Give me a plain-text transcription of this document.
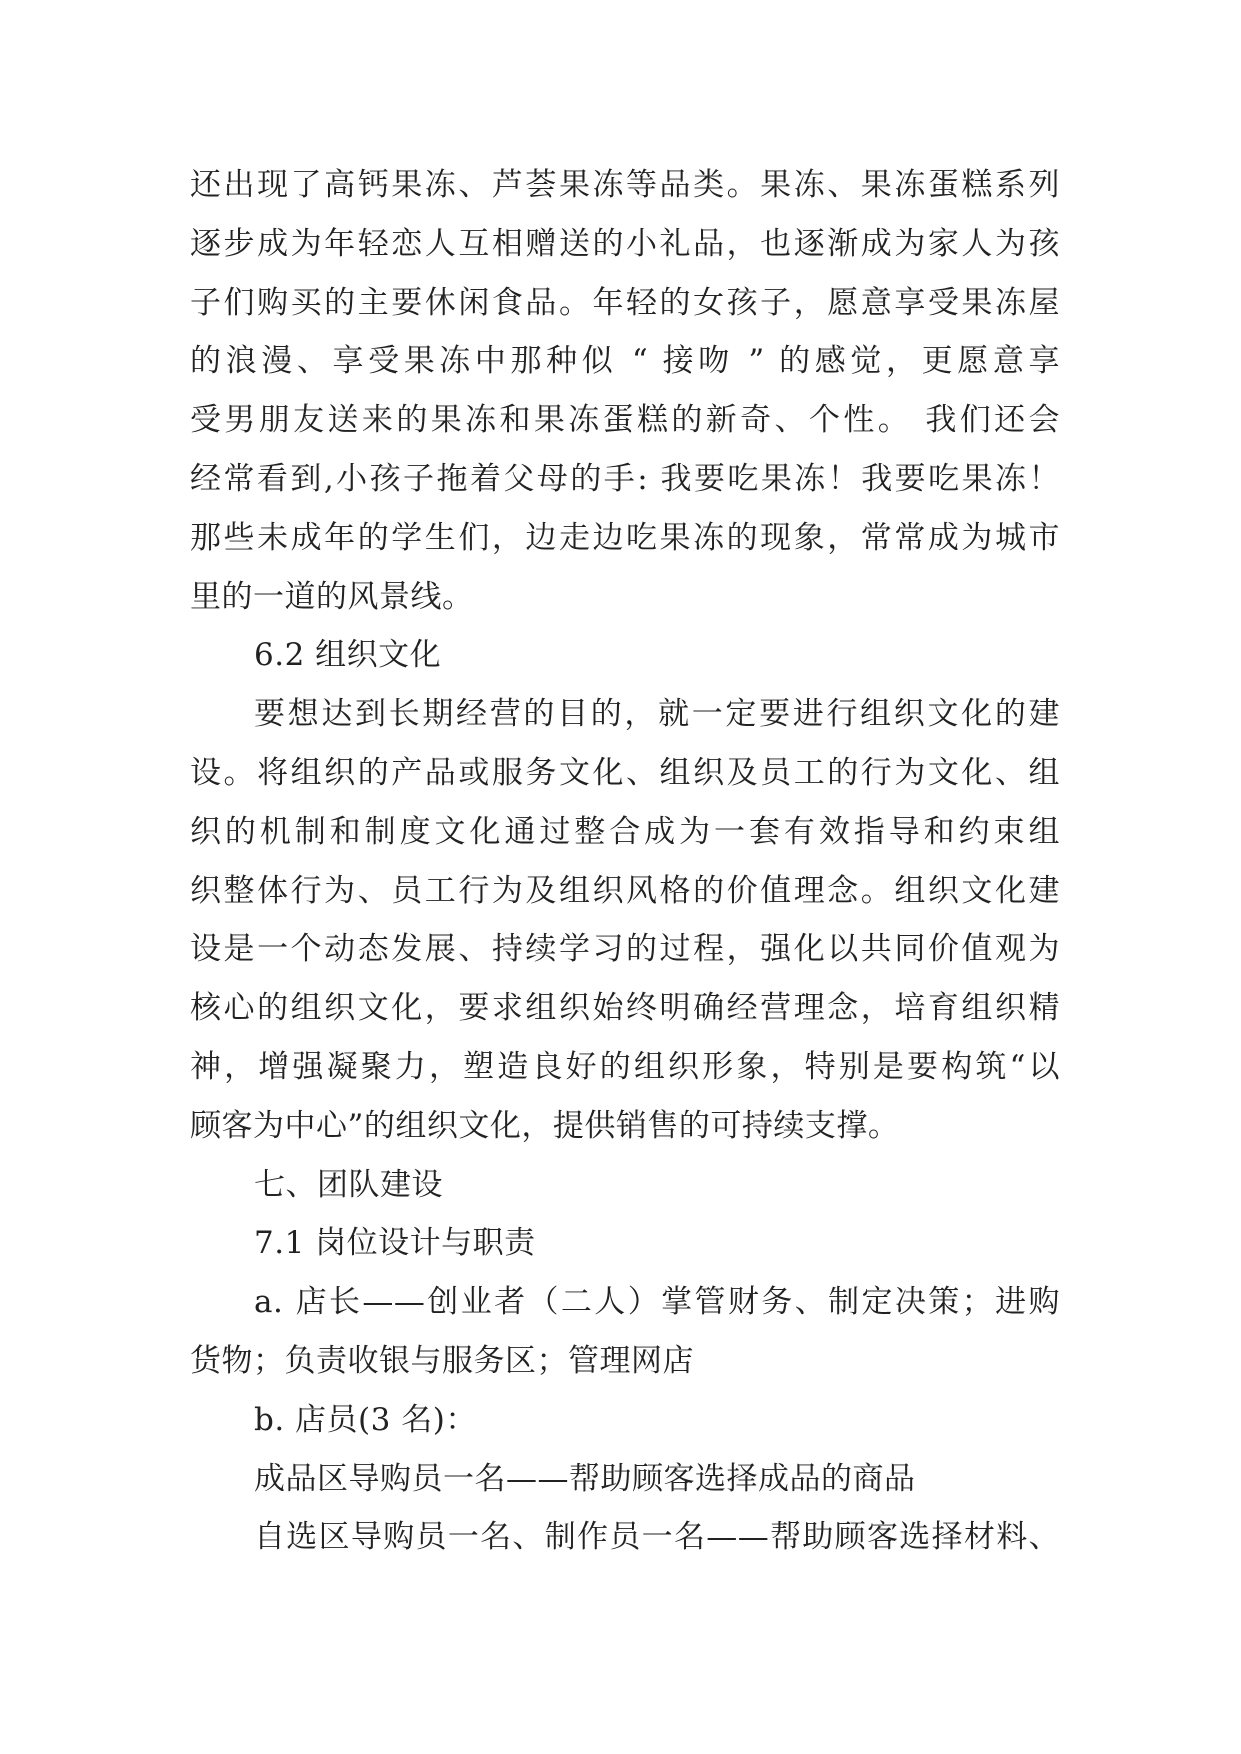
还出现了高钙果冻、芦荟果冻等品类。果冻、果冻蛋糕系列
逐步成为年轻恋人互相赠送的小礼品，也逐渐成为家人为孩
子们购买的主要休闲食品。年轻的女孩子，愿意享受果冻屋
的浪漫、享受果冻中那种似 “ 接吻 ” 的感觉，更愿意享
受男朋友送来的果冻和果冻蛋糕的新奇、个性。 我们还会
经常看到,小孩子拖着父母的手: 我要吃果冻！我要吃果冻！
那些未成年的学生们，边走边吃果冻的现象，常常成为城市
里的一道的风景线。
6.2 组织文化
要想达到长期经营的目的，就一定要进行组织文化的建
设。将组织的产品或服务文化、组织及员工的行为文化、组
织的机制和制度文化通过整合成为一套有效指导和约束组
织整体行为、员工行为及组织风格的价值理念。组织文化建
设是一个动态发展、持续学习的过程，强化以共同价值观为
核心的组织文化，要求组织始终明确经营理念，培育组织精
神，增强凝聚力，塑造良好的组织形象，特别是要构筑“以
顾客为中心”的组织文化，提供销售的可持续支撑。
七、团队建设
7.1 岗位设计与职责
a. 店长——创业者（二人）掌管财务、制定决策；进购
货物；负责收银与服务区；管理网店
b. 店员(3 名)：
成品区导购员一名——帮助顾客选择成品的商品
自选区导购员一名、制作员一名——帮助顾客选择材料、
